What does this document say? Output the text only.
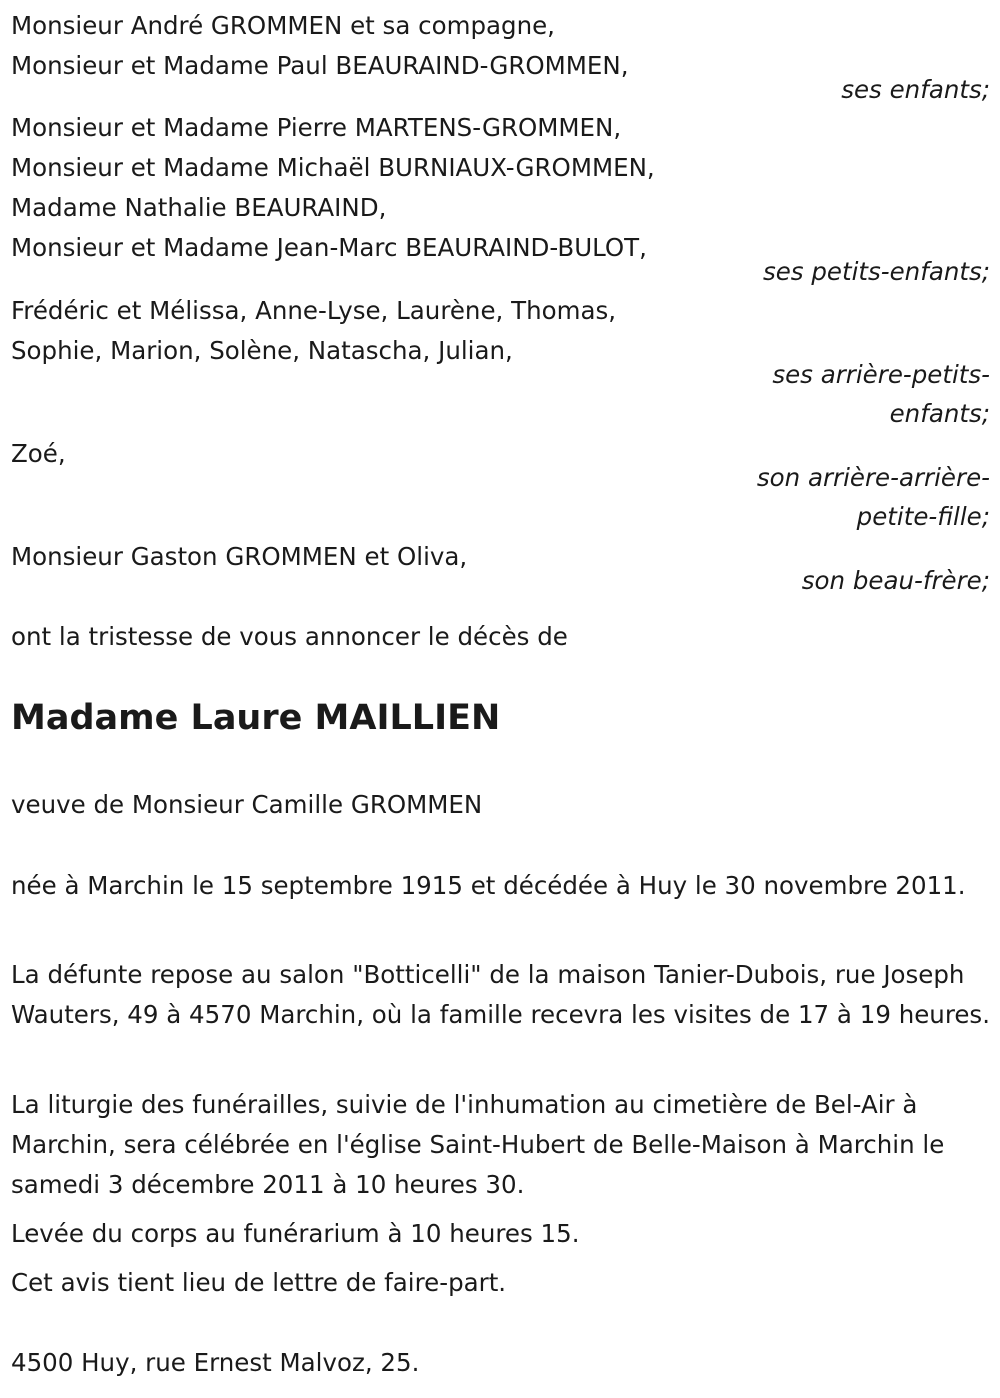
Monsieur André GROMMEN et sa compagne,
Monsieur et Madame Paul BEAURAIND-GROMMEN,
ses enfants;
Monsieur et Madame Pierre MARTENS-GROMMEN,
Monsieur et Madame Michaël BURNIAUX-GROMMEN,
Madame Nathalie BEAURAIND,
Monsieur et Madame Jean-Marc BEAURAIND-BULOT,
ses petits-enfants;
Frédéric et Mélissa, Anne-Lyse, Laurène, Thomas,
Sophie, Marion, Solène, Natascha, Julian,
ses arrière-petits-
enfants;
Zoé,
son arrière-arrière-
petite-fille;
Monsieur Gaston GROMMEN et Oliva,
son beau-frère;
ont la tristesse de vous annoncer le décès de
Madame Laure MAILLIEN
veuve de Monsieur Camille GROMMEN
née à Marchin le 15 septembre 1915 et décédée à Huy le 30 novembre 2011.
La défunte repose au salon "Botticelli" de la maison Tanier-Dubois, rue Joseph Wauters, 49 à 4570 Marchin, où la famille recevra les visites de 17 à 19 heures.
La liturgie des funérailles, suivie de l'inhumation au cimetière de Bel-Air à Marchin, sera célébrée en l'église Saint-Hubert de Belle-Maison à Marchin le samedi 3 décembre 2011 à 10 heures 30.
Levée du corps au funérarium à 10 heures 15.
Cet avis tient lieu de lettre de faire-part.
4500 Huy, rue Ernest Malvoz, 25.
